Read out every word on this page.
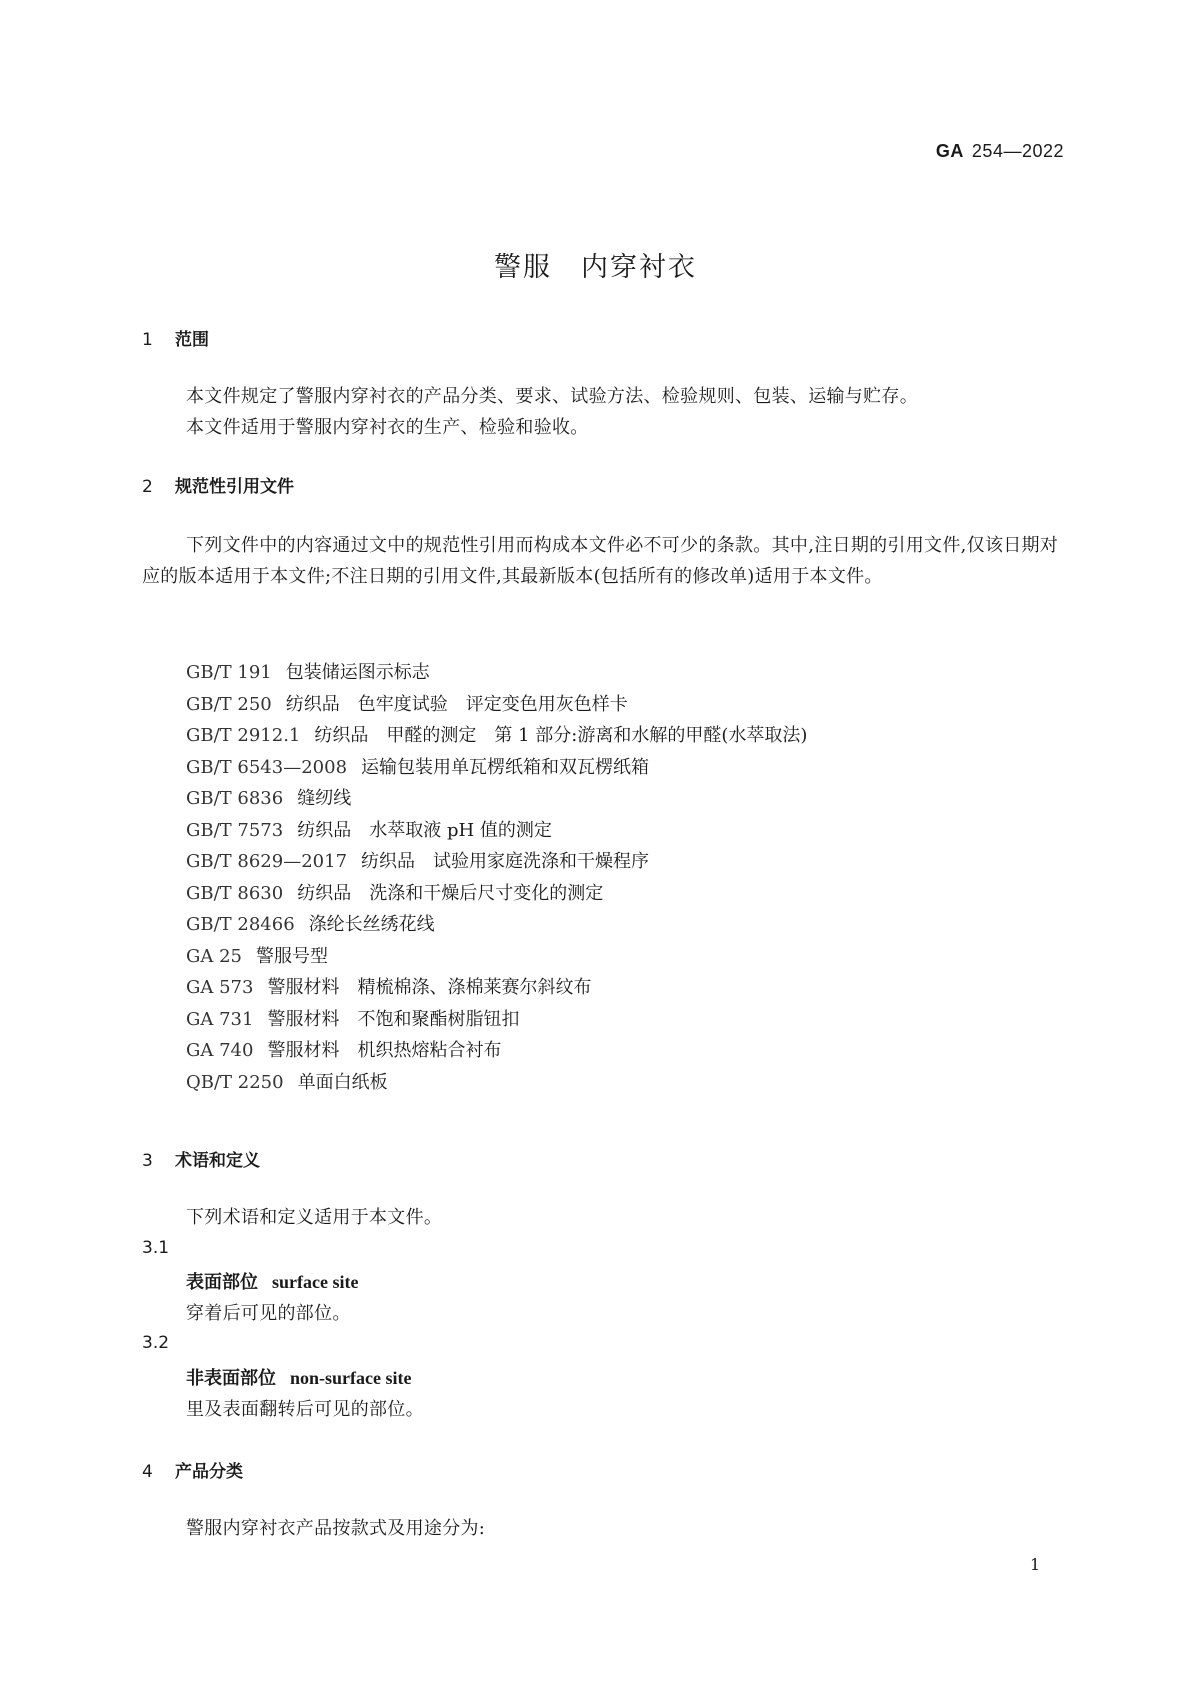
GA 254—2022
警服　内穿衬衣
1 范围
本文件规定了警服内穿衬衣的产品分类、要求、试验方法、检验规则、包装、运输与贮存。
本文件适用于警服内穿衬衣的生产、检验和验收。
2 规范性引用文件
下列文件中的内容通过文中的规范性引用而构成本文件必不可少的条款。其中,注日期的引用文件,仅该日期对应的版本适用于本文件;不注日期的引用文件,其最新版本(包括所有的修改单)适用于本文件。
GB/T 191 包装储运图示标志
GB/T 250 纺织品　色牢度试验　评定变色用灰色样卡
GB/T 2912.1 纺织品　甲醛的测定　第 1 部分:游离和水解的甲醛(水萃取法)
GB/T 6543—2008 运输包装用单瓦楞纸箱和双瓦楞纸箱
GB/T 6836 缝纫线
GB/T 7573 纺织品　水萃取液 pH 值的测定
GB/T 8629—2017 纺织品　试验用家庭洗涤和干燥程序
GB/T 8630 纺织品　洗涤和干燥后尺寸变化的测定
GB/T 28466 涤纶长丝绣花线
GA 25 警服号型
GA 573 警服材料　精梳棉涤、涤棉莱赛尔斜纹布
GA 731 警服材料　不饱和聚酯树脂钮扣
GA 740 警服材料　机织热熔粘合衬布
QB/T 2250 单面白纸板
3 术语和定义
下列术语和定义适用于本文件。
3.1
表面部位 surface site
穿着后可见的部位。
3.2
非表面部位 non-surface site
里及表面翻转后可见的部位。
4 产品分类
警服内穿衬衣产品按款式及用途分为:
1
